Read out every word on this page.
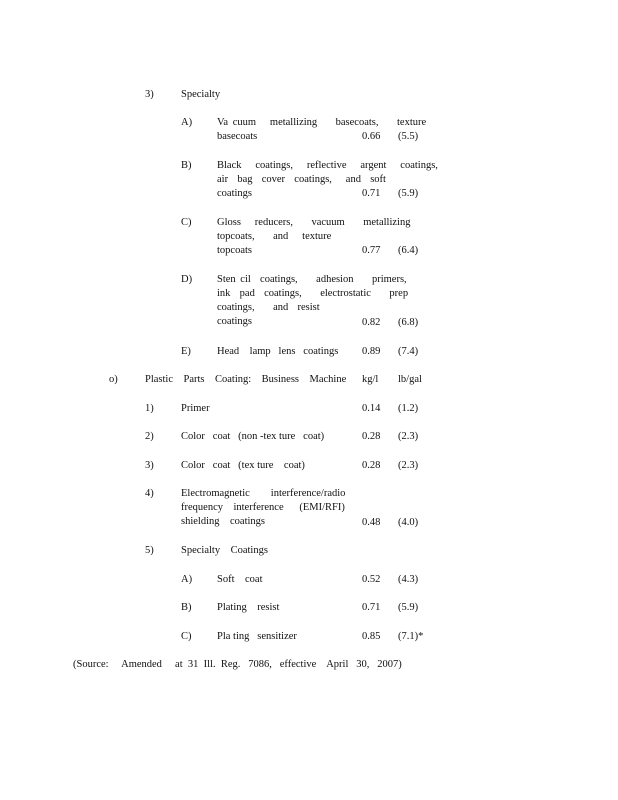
3)	Specialty
A) Va cuum   metallizing    basecoats,    texture
basecoats	0.66 (5.5)
B) Black   coatings,   reflective   argent   coatings,
air  bag  cover  coatings,   and  soft
coatings	0.71 (5.9)
C) Gloss   reducers,    vacuum    metallizing
topcoats,    and   texture
topcoats	0.77 (6.4)
D) Sten cil  coatings,    adhesion    primers,
ink  pad  coatings,    electrostatic    prep
coatings,    and  resist
coatings	0.82 (6.8)
E) Head    lamp   lens   coatings 0.89 (7.4)
o)	Plastic    Parts    Coating:    Business    Machine kg/l lb/gal
1)	Primer	0.14 (1.2)
2)	Color   coat   (non -tex ture   coat)	0.28 (2.3)
3)	Color   coat   (tex ture    coat)	0.28 (2.3)
4)	Electromagnetic        interference/radio
frequency    interference      (EMI/RFI)
shielding    coatings	0.48 (4.0)
5)	Specialty    Coatings
A) Soft    coat	0.52 (4.3)
B) Plating    resist	0.71 (5.9)
C) Pla ting   sensitizer	0.85 (7.1)*
(Source:     Amended     at  31  Ill.  Reg.   7086,   effective    April   30,   2007)
